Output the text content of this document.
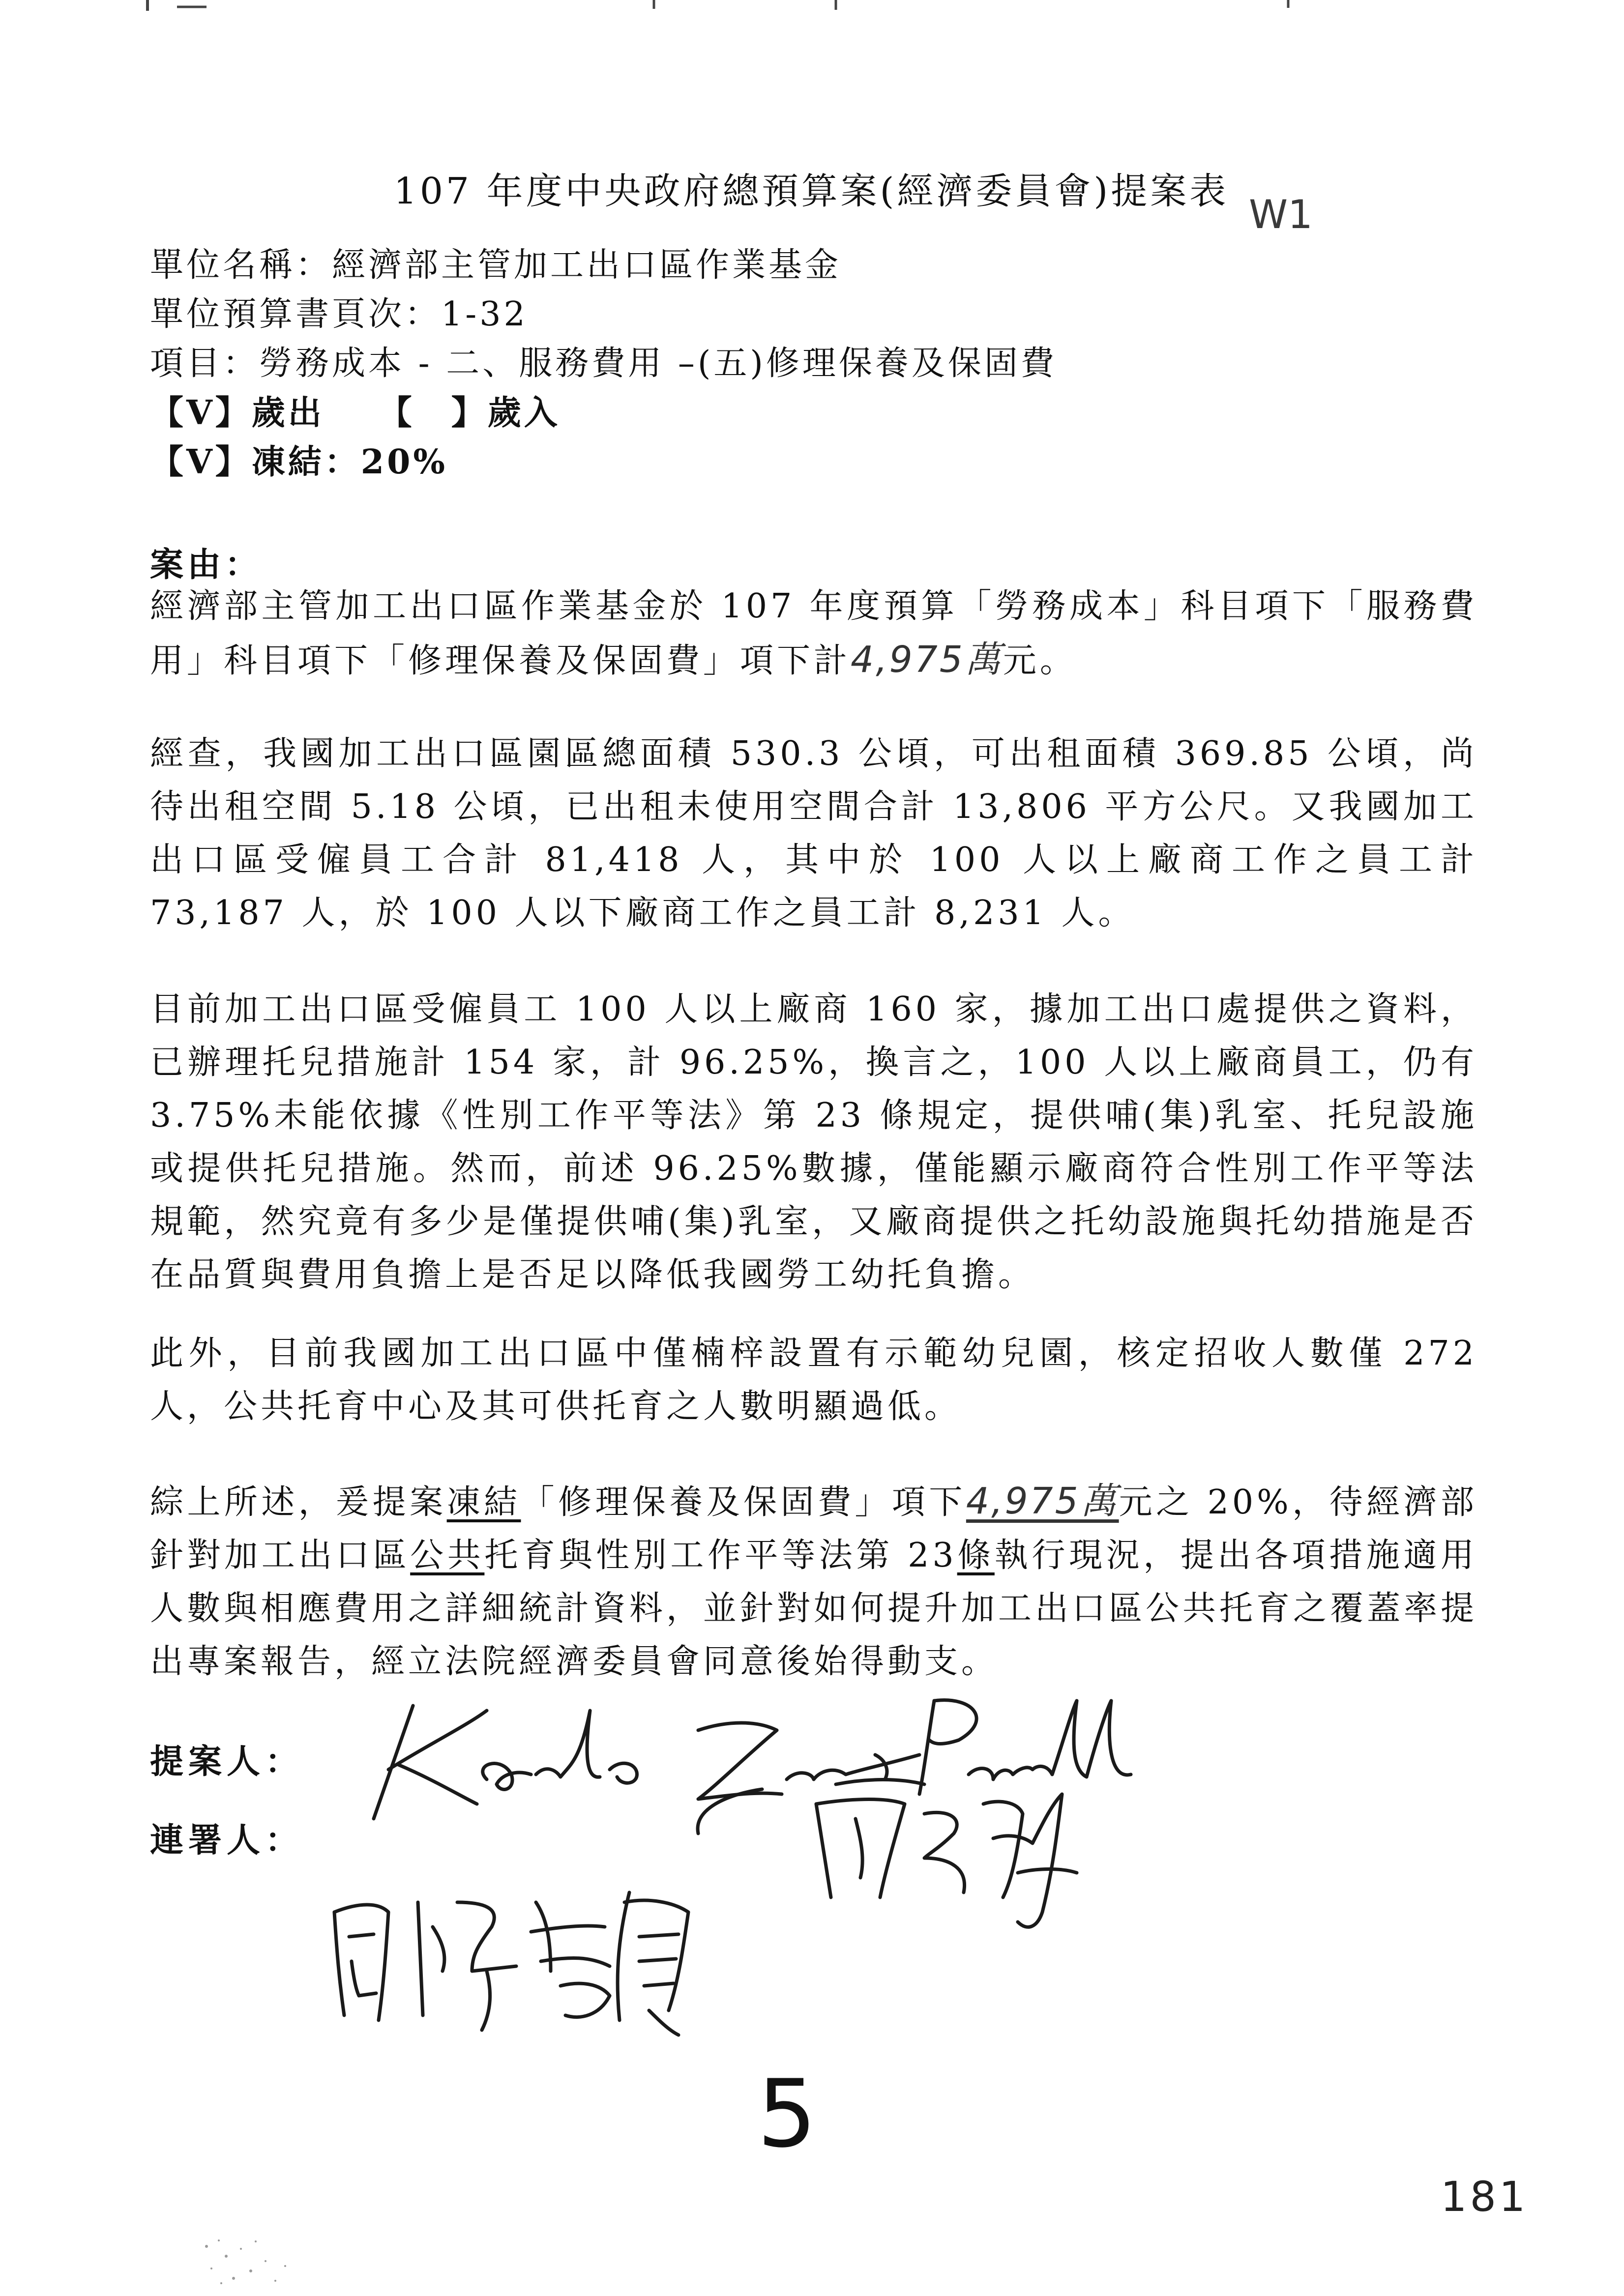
107 年度中央政府總預算案(經濟委員會)提案表
W1
單位名稱：經濟部主管加工出口區作業基金
單位預算書頁次：1-32
項目：勞務成本 - 二、服務費用 –(五)修理保養及保固費
【V】歲出 【　】歲入
【V】凍結：20%
案由：

經濟部主管加工出口區作業基金於 107 年度預算「勞務成本」科目項下「服務費用」科目項下「修理保養及保固費」項下計4,975萬元。

經查，我國加工出口區園區總面積 530.3 公頃，可出租面積 369.85 公頃，尚待出租空間 5.18 公頃，已出租未使用空間合計 13,806 平方公尺。又我國加工出口區受僱員工合計 81,418 人，其中於 100 人以上廠商工作之員工計 73,187 人，於 100 人以下廠商工作之員工計 8,231 人。

目前加工出口區受僱員工 100 人以上廠商 160 家，據加工出口處提供之資料，已辦理托兒措施計 154 家，計 96.25%，換言之，100 人以上廠商員工，仍有 3.75%未能依據《性別工作平等法》第 23 條規定，提供哺(集)乳室、托兒設施或提供托兒措施。然而，前述 96.25%數據，僅能顯示廠商符合性別工作平等法規範，然究竟有多少是僅提供哺(集)乳室，又廠商提供之托幼設施與托幼措施是否在品質與費用負擔上是否足以降低我國勞工幼托負擔。

此外，目前我國加工出口區中僅楠梓設置有示範幼兒園，核定招收人數僅 272 人，公共托育中心及其可供托育之人數明顯過低。

綜上所述，爰提案凍結「修理保養及保固費」項下4,975萬元之 20%，待經濟部針對加工出口區公共托育與性別工作平等法第 23條執行現況，提出各項措施適用人數與相應費用之詳細統計資料，並針對如何提升加工出口區公共托育之覆蓋率提出專案報告，經立法院經濟委員會同意後始得動支。

提案人：
連署人：
5
181
